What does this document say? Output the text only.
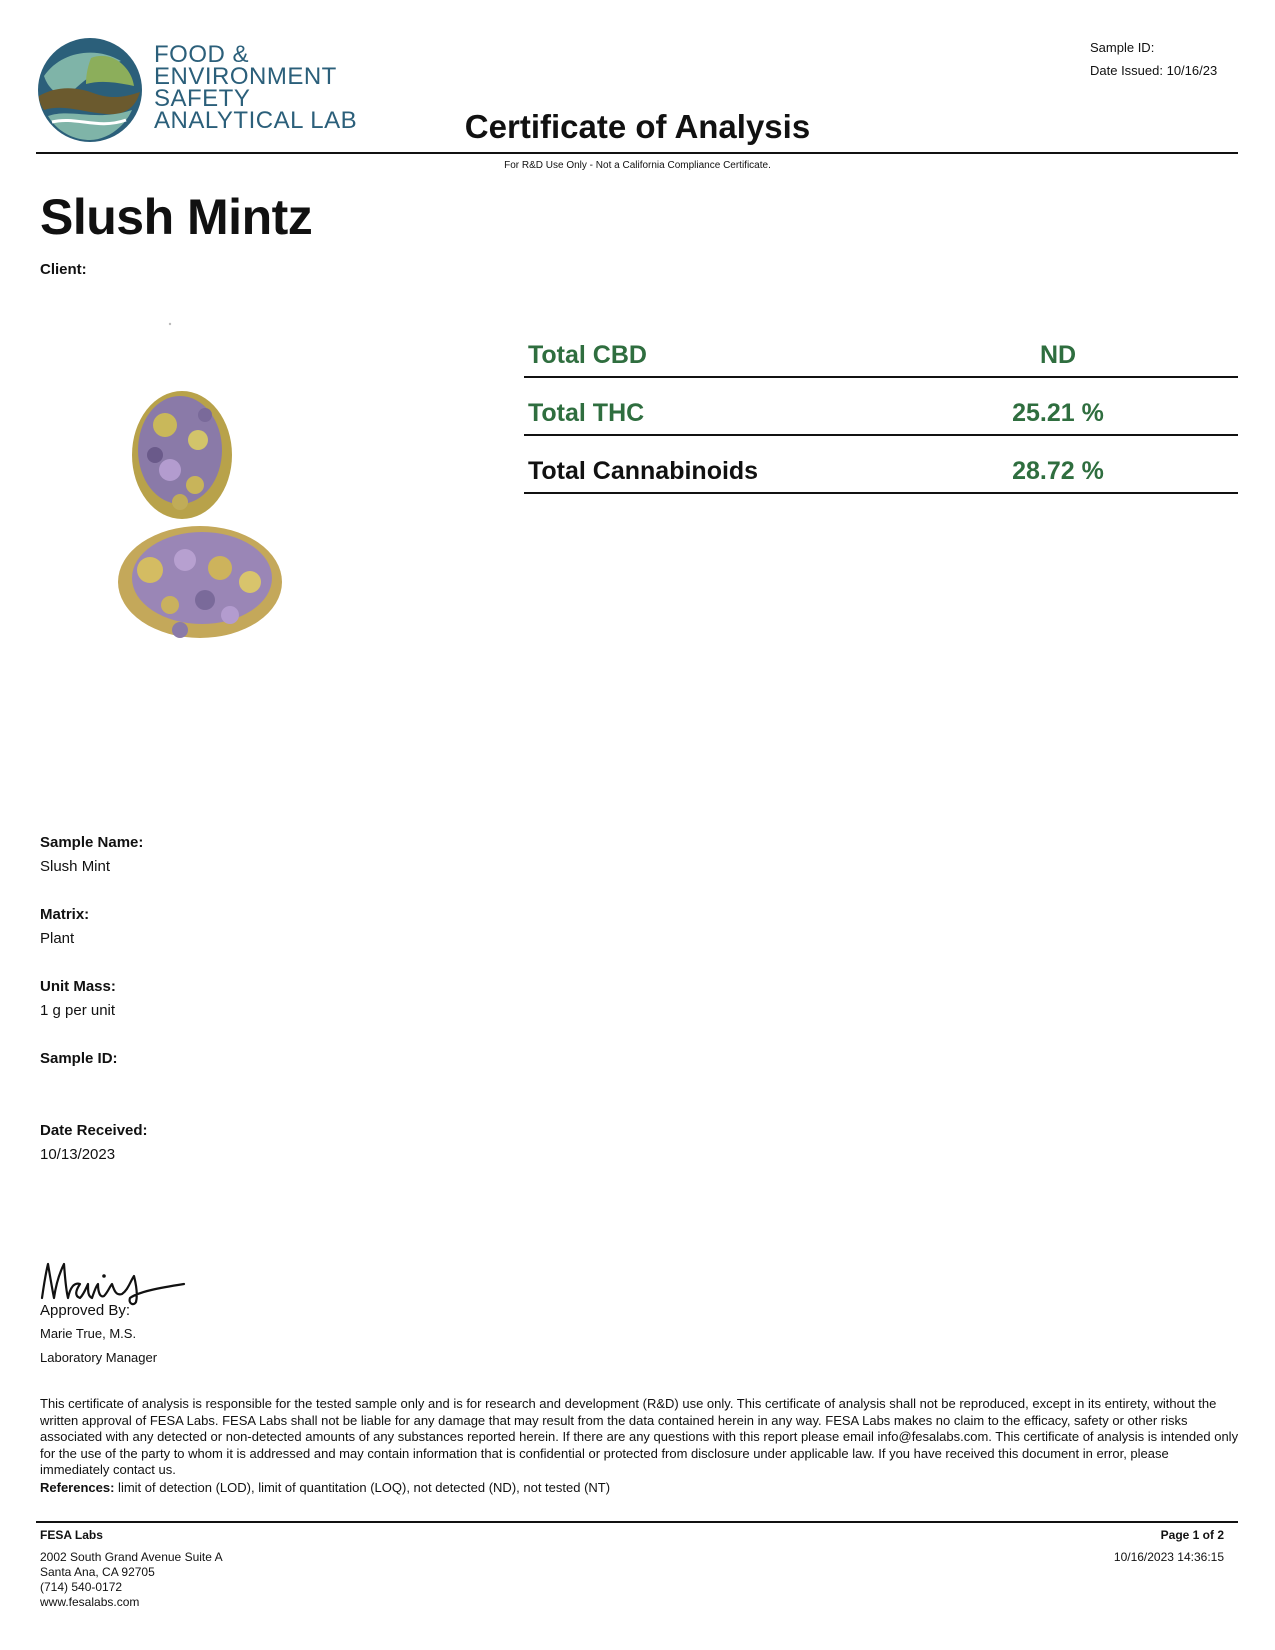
FOOD &
ENVIRONMENT
SAFETY
ANALYTICAL LAB	Certificate of Analysis
Sample ID:
Date Issued: 10/16/23
For R&D Use Only - Not a California Compliance Certificate.
Slush Mintz
Client:
Total CBD	ND
Total THC	25.21 %
Total Cannabinoids	28.72 %
Sample Name:
Slush Mint
Matrix:
Plant
Unit Mass:
1 g per unit
Sample ID:
Date Received:
10/13/2023
Approved By:
Marie True, M.S.
Laboratory Manager
This certificate of analysis is responsible for the tested sample only and is for research and development (R&D) use only. This certificate of analysis shall not be reproduced, except in its entirety, without the written approval of FESA Labs. FESA Labs shall not be liable for any damage that may result from the data contained herein in any way. FESA Labs makes no claim to the efficacy, safety or other risks associated with any detected or non-detected amounts of any substances reported herein. If there are any questions with this report please email info@fesalabs.com. This certificate of analysis is intended only for the use of the party to whom it is addressed and may contain information that is confidential or protected from disclosure under applicable law. If you have received this document in error, please immediately contact us.
References: limit of detection (LOD), limit of quantitation (LOQ), not detected (ND), not tested (NT)
FESA Labs
2002 South Grand Avenue Suite A
Santa Ana, CA 92705
(714) 540-0172
www.fesalabs.com
Page 1 of 2
10/16/2023 14:36:15
